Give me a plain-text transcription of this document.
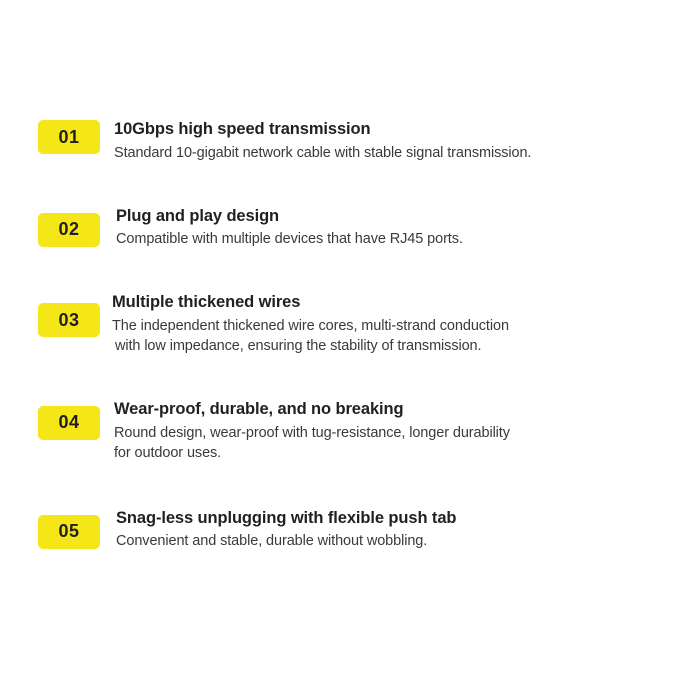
01	10Gbps high speed transmission

Standard 10-gigabit network cable with stable signal transmission.

02

Plug and play design

Compatible with multiple devices that have RJ45 ports.

03

Multiple thickened wires

The independent thickened wire cores, multi-strand conduction
with low impedance, ensuring the stability of transmission.

04

Wear-proof, durable, and no breaking

Round design, wear-proof with tug-resistance, longer durability
for outdoor uses.

05

Snag-less unplugging with flexible push tab

Convenient and stable, durable without wobbling.
